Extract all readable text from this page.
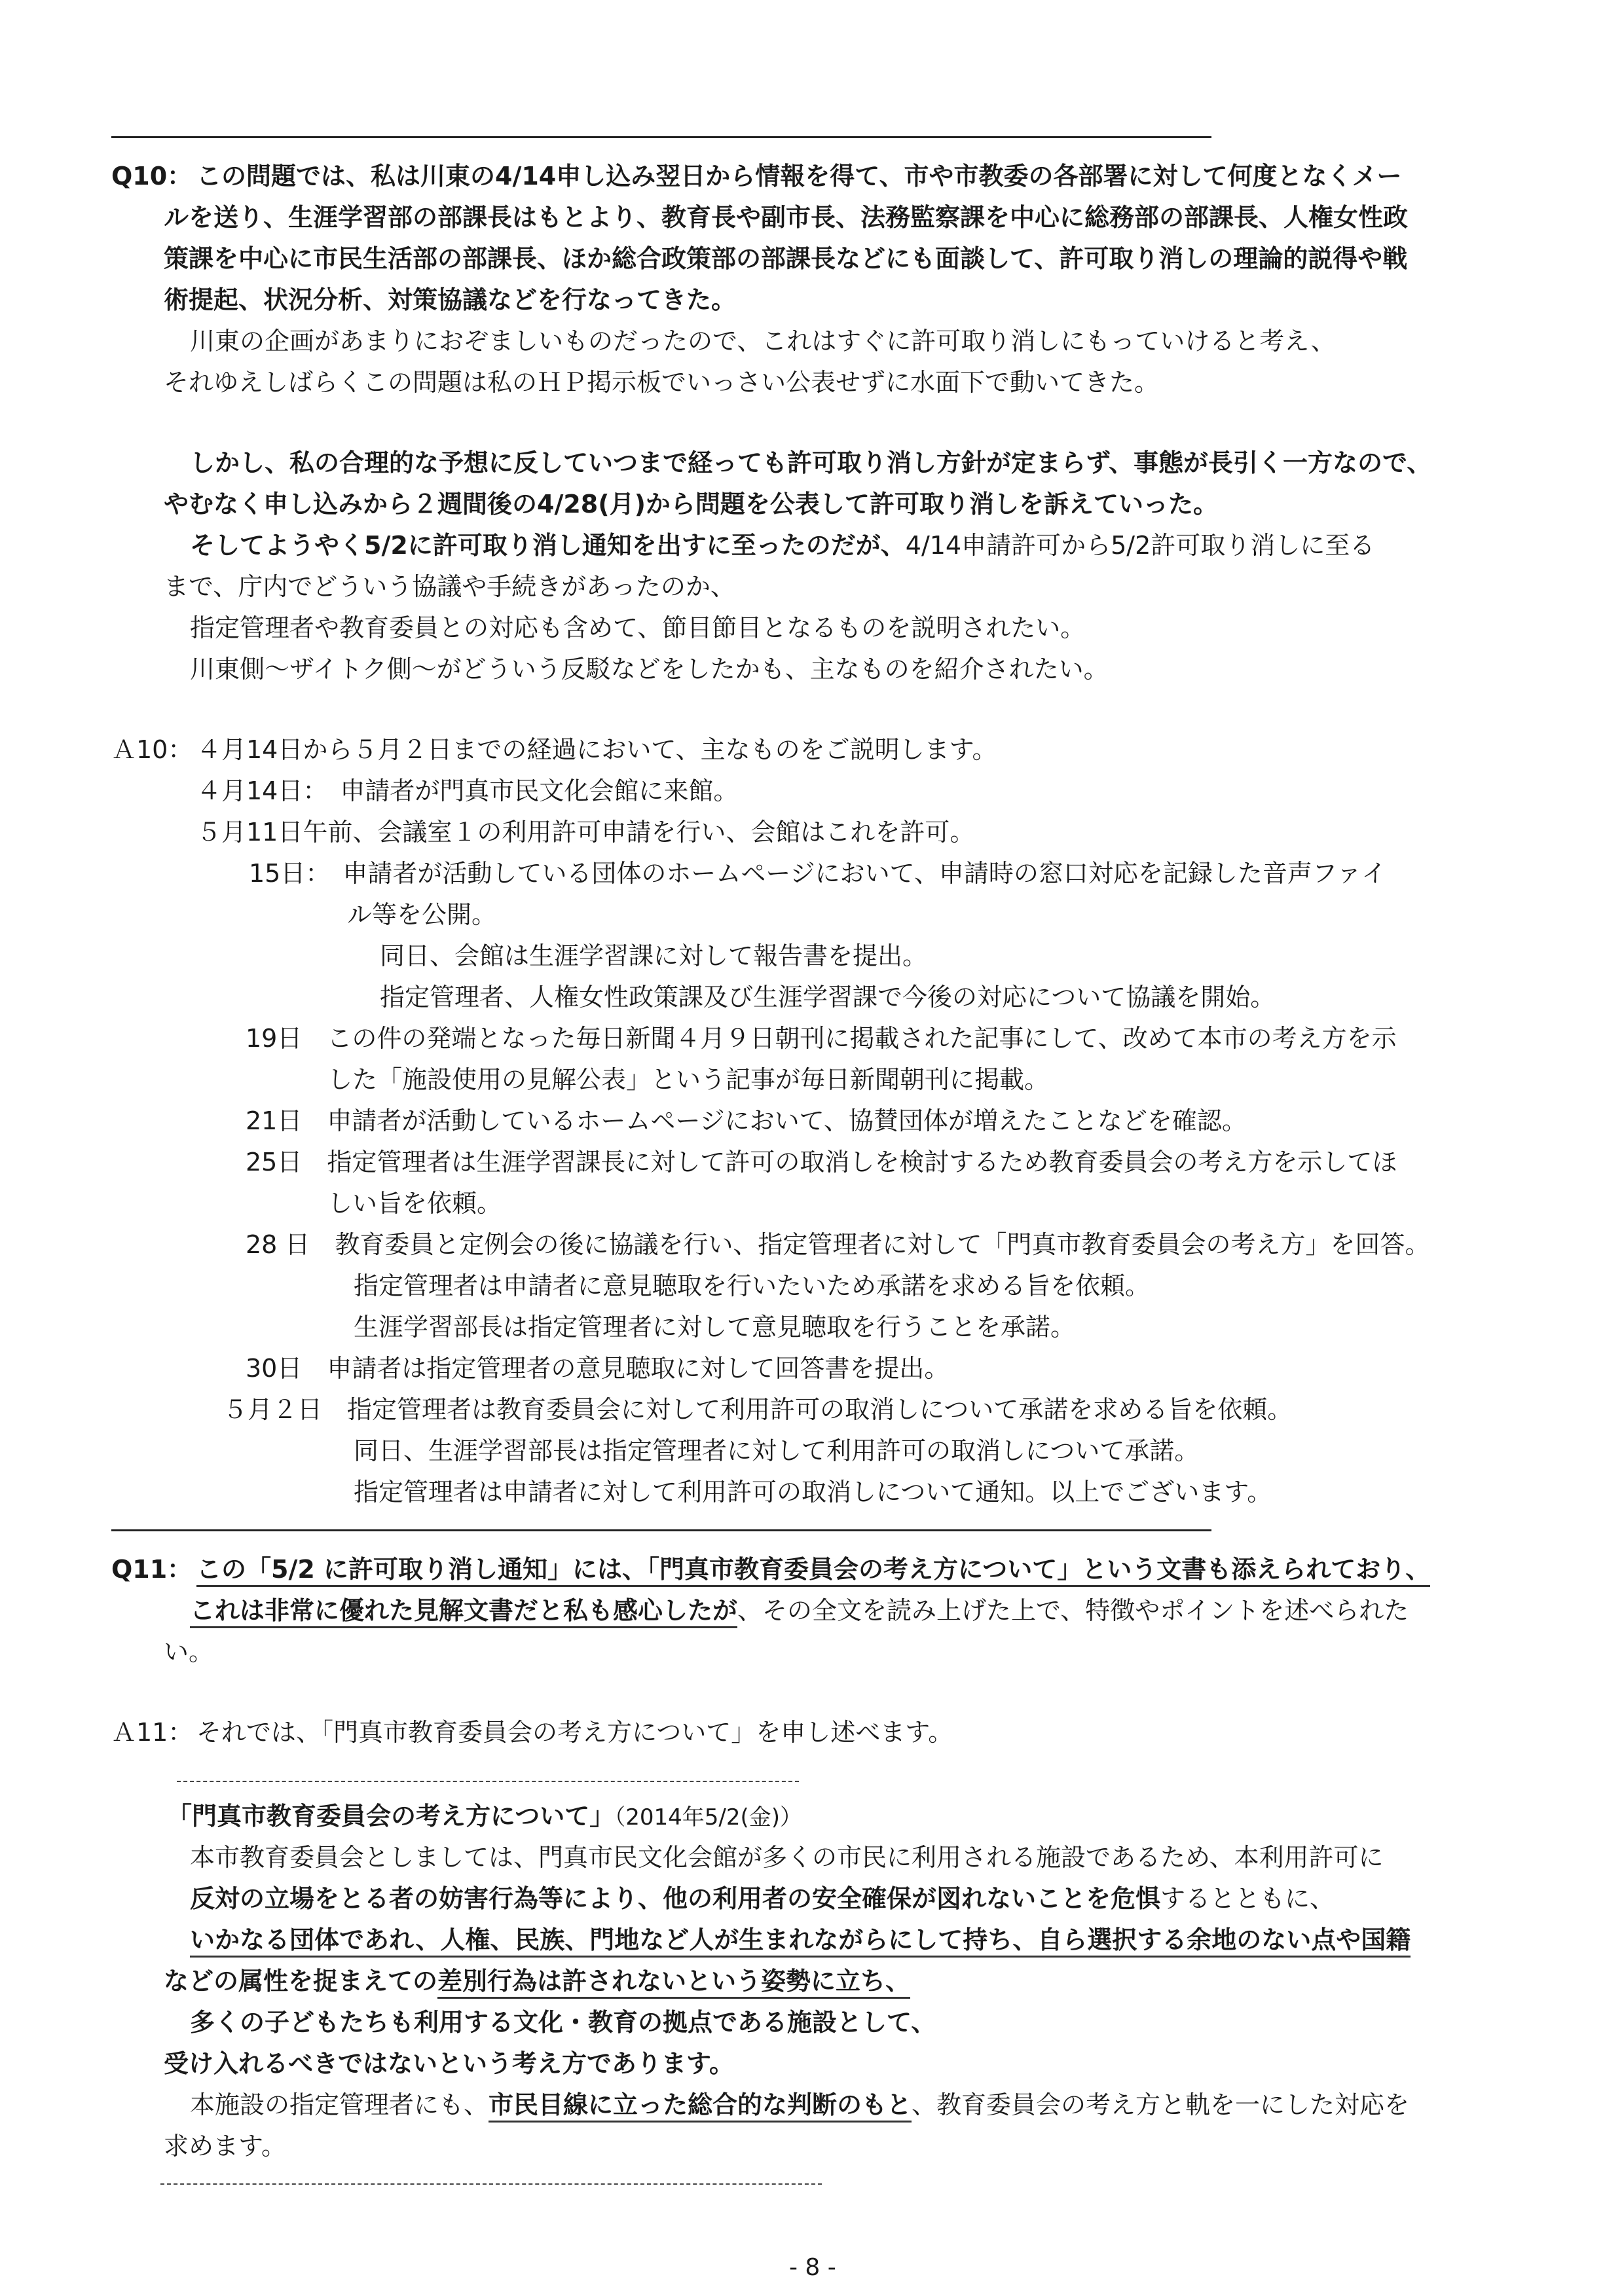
Q10： この問題では、私は川東の4/14申し込み翌日から情報を得て、市や市教委の各部署に対して何度となくメー
ルを送り、生涯学習部の部課長はもとより、教育長や副市長、法務監察課を中心に総務部の部課長、人権女性政
策課を中心に市民生活部の部課長、ほか総合政策部の部課長などにも面談して、許可取り消しの理論的説得や戦
術提起、状況分析、対策協議などを行なってきた。
川東の企画があまりにおぞましいものだったので、これはすぐに許可取り消しにもっていけると考え、
それゆえしばらくこの問題は私のＨＰ掲示板でいっさい公表せずに水面下で動いてきた。
しかし、私の合理的な予想に反していつまで経っても許可取り消し方針が定まらず、事態が長引く一方なので、
やむなく申し込みから２週間後の4/28(月)から問題を公表して許可取り消しを訴えていった。
そしてようやく5/2に許可取り消し通知を出すに至ったのだが、4/14申請許可から5/2許可取り消しに至る
まで、庁内でどういう協議や手続きがあったのか、
指定管理者や教育委員との対応も含めて、節目節目となるものを説明されたい。
川東側～ザイトク側～がどういう反駁などをしたかも、主なものを紹介されたい。
Ａ10： ４月14日から５月２日までの経過において、主なものをご説明します。
４月14日：　申請者が門真市民文化会館に来館。
５月11日午前、会議室１の利用許可申請を行い、会館はこれを許可。
15日：　申請者が活動している団体のホームページにおいて、申請時の窓口対応を記録した音声ファイ
ル等を公開。
同日、会館は生涯学習課に対して報告書を提出。
指定管理者、人権女性政策課及び生涯学習課で今後の対応について協議を開始。
19日　この件の発端となった毎日新聞４月９日朝刊に掲載された記事にして、改めて本市の考え方を示
した「施設使用の見解公表」という記事が毎日新聞朝刊に掲載。
21日　申請者が活動しているホームページにおいて、協賛団体が増えたことなどを確認。
25日　指定管理者は生涯学習課長に対して許可の取消しを検討するため教育委員会の考え方を示してほ
しい旨を依頼。
28 日　教育委員と定例会の後に協議を行い、指定管理者に対して「門真市教育委員会の考え方」を回答。
指定管理者は申請者に意見聴取を行いたいため承諾を求める旨を依頼。
生涯学習部長は指定管理者に対して意見聴取を行うことを承諾。
30日　申請者は指定管理者の意見聴取に対して回答書を提出。
５月２日　指定管理者は教育委員会に対して利用許可の取消しについて承諾を求める旨を依頼。
同日、生涯学習部長は指定管理者に対して利用許可の取消しについて承諾。
指定管理者は申請者に対して利用許可の取消しについて通知。以上でございます。
Q11： この「5/2 に許可取り消し通知」には、「門真市教育委員会の考え方について」という文書も添えられており、
これは非常に優れた見解文書だと私も感心したが、その全文を読み上げた上で、特徴やポイントを述べられた
い。
Ａ11： それでは、「門真市教育委員会の考え方について」を申し述べます。
「門真市教育委員会の考え方について」（2014年5/2(金)）
本市教育委員会としましては、門真市民文化会館が多くの市民に利用される施設であるため、本利用許可に
反対の立場をとる者の妨害行為等により、他の利用者の安全確保が図れないことを危惧するとともに、
いかなる団体であれ、人権、民族、門地など人が生まれながらにして持ち、自ら選択する余地のない点や国籍
などの属性を捉まえての差別行為は許されないという姿勢に立ち、
多くの子どもたちも利用する文化・教育の拠点である施設として、
受け入れるべきではないという考え方であります。
本施設の指定管理者にも、市民目線に立った総合的な判断のもと、教育委員会の考え方と軌を一にした対応を
求めます。
- 8 -
